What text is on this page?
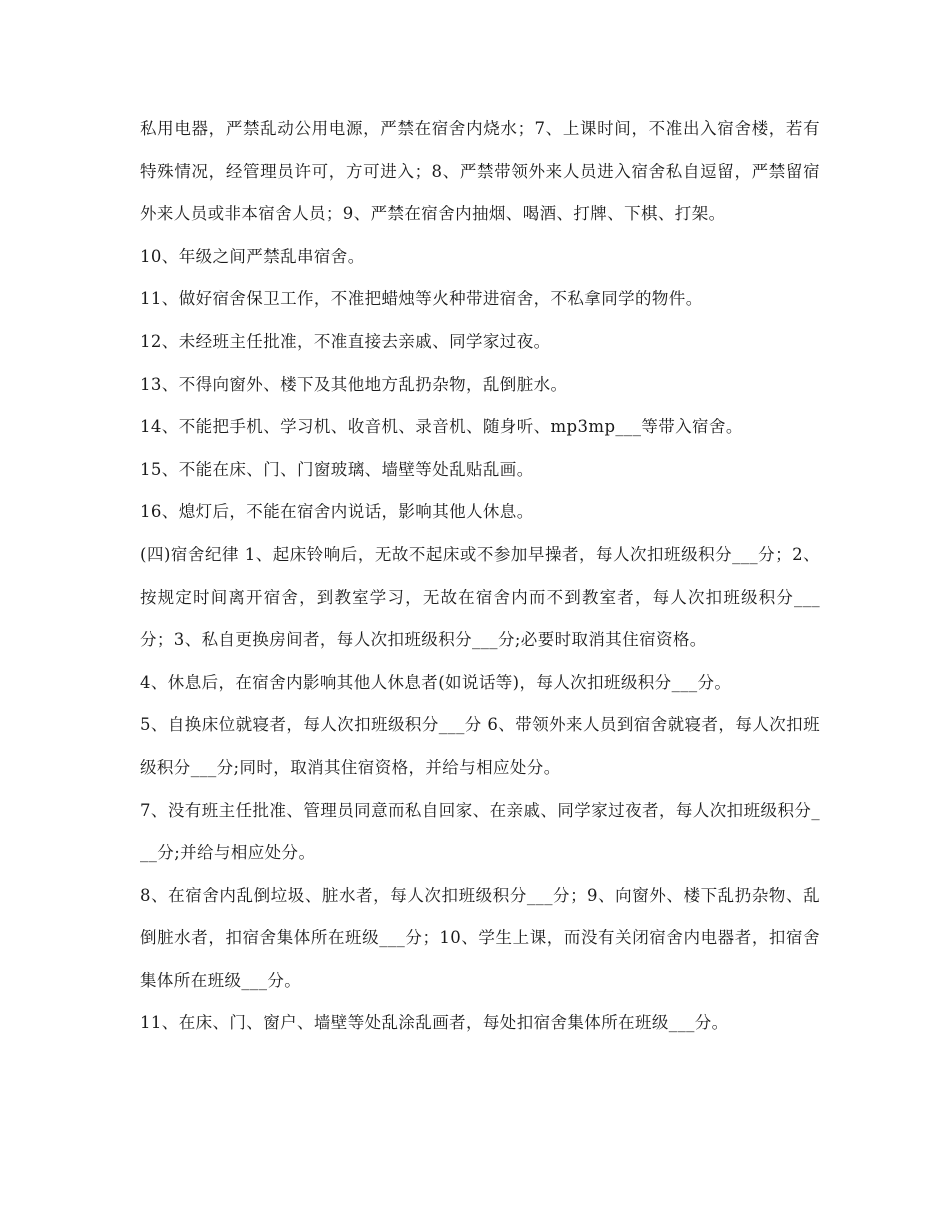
私用电器，严禁乱动公用电源，严禁在宿舍内烧水；7、上课时间，不准出入宿舍楼，若有特殊情况，经管理员许可，方可进入；8、严禁带领外来人员进入宿舍私自逗留，严禁留宿外来人员或非本宿舍人员；9、严禁在宿舍内抽烟、喝酒、打牌、下棋、打架。

10、年级之间严禁乱串宿舍。

11、做好宿舍保卫工作，不准把蜡烛等火种带进宿舍，不私拿同学的物件。

12、未经班主任批准，不准直接去亲戚、同学家过夜。

13、不得向窗外、楼下及其他地方乱扔杂物，乱倒脏水。

14、不能把手机、学习机、收音机、录音机、随身听、mp3mp___等带入宿舍。

15、不能在床、门、门窗玻璃、墙壁等处乱贴乱画。

16、熄灯后，不能在宿舍内说话，影响其他人休息。

(四)宿舍纪律 1、起床铃响后，无故不起床或不参加早操者，每人次扣班级积分___分；2、按规定时间离开宿舍，到教室学习，无故在宿舍内而不到教室者，每人次扣班级积分___分；3、私自更换房间者，每人次扣班级积分___分;必要时取消其住宿资格。

4、休息后，在宿舍内影响其他人休息者(如说话等)，每人次扣班级积分___分。

5、自换床位就寝者，每人次扣班级积分___分 6、带领外来人员到宿舍就寝者，每人次扣班级积分___分;同时，取消其住宿资格，并给与相应处分。

7、没有班主任批准、管理员同意而私自回家、在亲戚、同学家过夜者，每人次扣班级积分___分;并给与相应处分。

8、在宿舍内乱倒垃圾、脏水者，每人次扣班级积分___分；9、向窗外、楼下乱扔杂物、乱倒脏水者，扣宿舍集体所在班级___分；10、学生上课，而没有关闭宿舍内电器者，扣宿舍集体所在班级___分。

11、在床、门、窗户、墙壁等处乱涂乱画者，每处扣宿舍集体所在班级___分。
